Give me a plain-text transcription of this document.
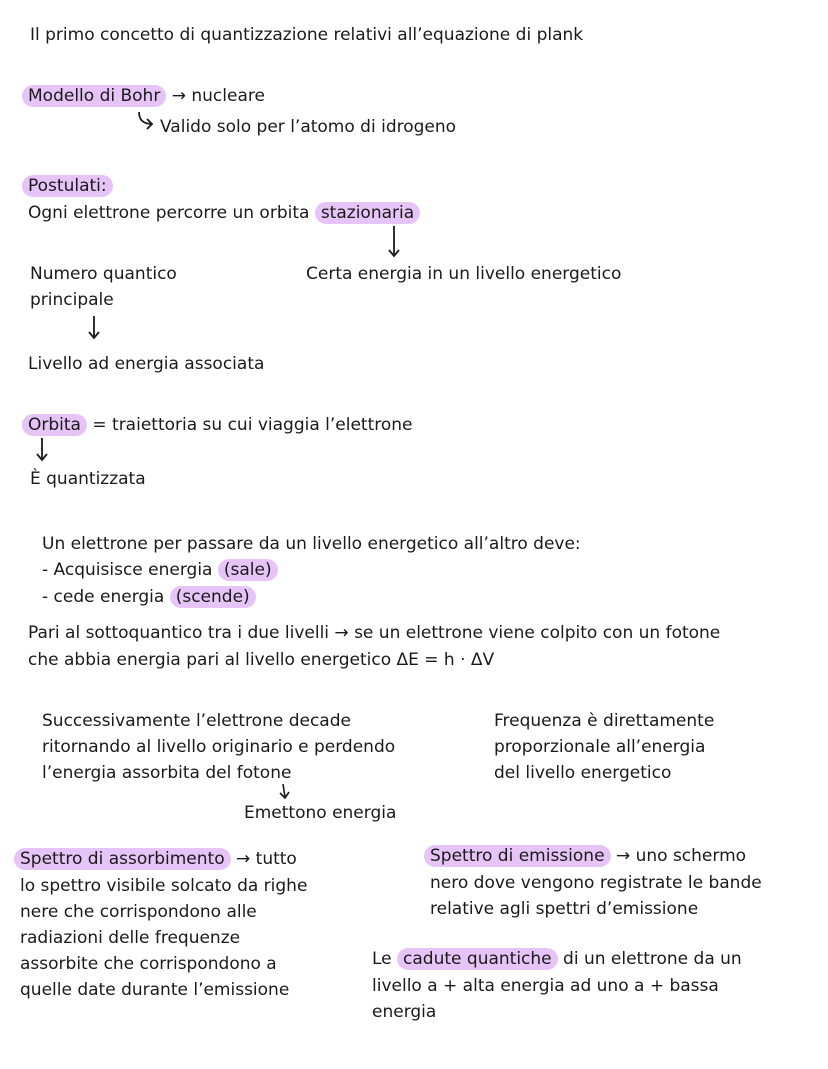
Il primo concetto di quantizzazione relativi all’equazione di plank
Modello di Bohr → nucleare
Valido solo per l’atomo di idrogeno
Postulati:
Ogni elettrone percorre un orbita stazionaria
Certa energia in un livello energetico
Numero quantico
principale
Livello ad energia associata
Orbita = traiettoria su cui viaggia l’elettrone
È quantizzata
Un elettrone per passare da un livello energetico all’altro deve:
- Acquisisce energia (sale)
- cede energia (scende)
Pari al sottoquantico tra i due livelli → se un elettrone viene colpito con un fotone
che abbia energia pari al livello energetico ΔE = h · ΔV
Successivamente l’elettrone decade
ritornando al livello originario e perdendo
l’energia assorbita del fotone
Emettono energia
Frequenza è direttamente
proporzionale all’energia
del livello energetico
Spettro di assorbimento → tutto
lo spettro visibile solcato da righe
nere che corrispondono alle
radiazioni delle frequenze
assorbite che corrispondono a
quelle date durante l’emissione
Spettro di emissione → uno schermo
nero dove vengono registrate le bande
relative agli spettri d’emissione
Le cadute quantiche di un elettrone da un
livello a + alta energia ad uno a + bassa
energia
